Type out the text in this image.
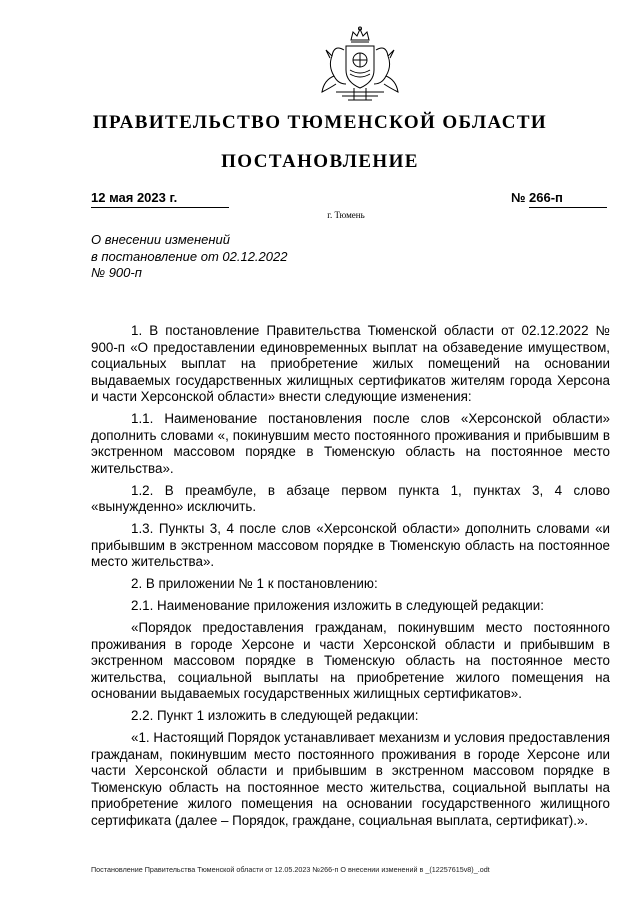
ПРАВИТЕЛЬСТВО ТЮМЕНСКОЙ ОБЛАСТИ
ПОСТАНОВЛЕНИЕ
12 мая 2023 г.	№ 266-п
г. Тюмень
О внесении изменений
в постановление от 02.12.2022
№ 900-п

1. В постановление Правительства Тюменской области от 02.12.2022 № 900-п «О предоставлении единовременных выплат на обзаведение имуществом, социальных выплат на приобретение жилых помещений на основании выдаваемых государственных жилищных сертификатов жителям города Херсона и части Херсонской области» внести следующие изменения:

1.1. Наименование постановления после слов «Херсонской области» дополнить словами «, покинувшим место постоянного проживания и прибывшим в экстренном массовом порядке в Тюменскую область на постоянное место жительства».

1.2. В преамбуле, в абзаце первом пункта 1, пунктах 3, 4 слово «вынужденно» исключить.

1.3. Пункты 3, 4 после слов «Херсонской области» дополнить словами «и прибывшим в экстренном массовом порядке в Тюменскую область на постоянное место жительства».

2. В приложении № 1 к постановлению:

2.1. Наименование приложения изложить в следующей редакции:

«Порядок предоставления гражданам, покинувшим место постоянного проживания в городе Херсоне и части Херсонской области и прибывшим в экстренном массовом порядке в Тюменскую область на постоянное место жительства, социальной выплаты на приобретение жилого помещения на основании выдаваемых государственных жилищных сертификатов».

2.2. Пункт 1 изложить в следующей редакции:

«1. Настоящий Порядок устанавливает механизм и условия предоставления гражданам, покинувшим место постоянного проживания в городе Херсоне или части Херсонской области и прибывшим в экстренном массовом порядке в Тюменскую область на постоянное место жительства, социальной выплаты на приобретение жилого помещения на основании государственного жилищного сертификата (далее – Порядок, граждане, социальная выплата, сертификат).».

Постановление Правительства Тюменской области от 12.05.2023 №266-п О внесении изменений в _(12257615v8)_.odt
